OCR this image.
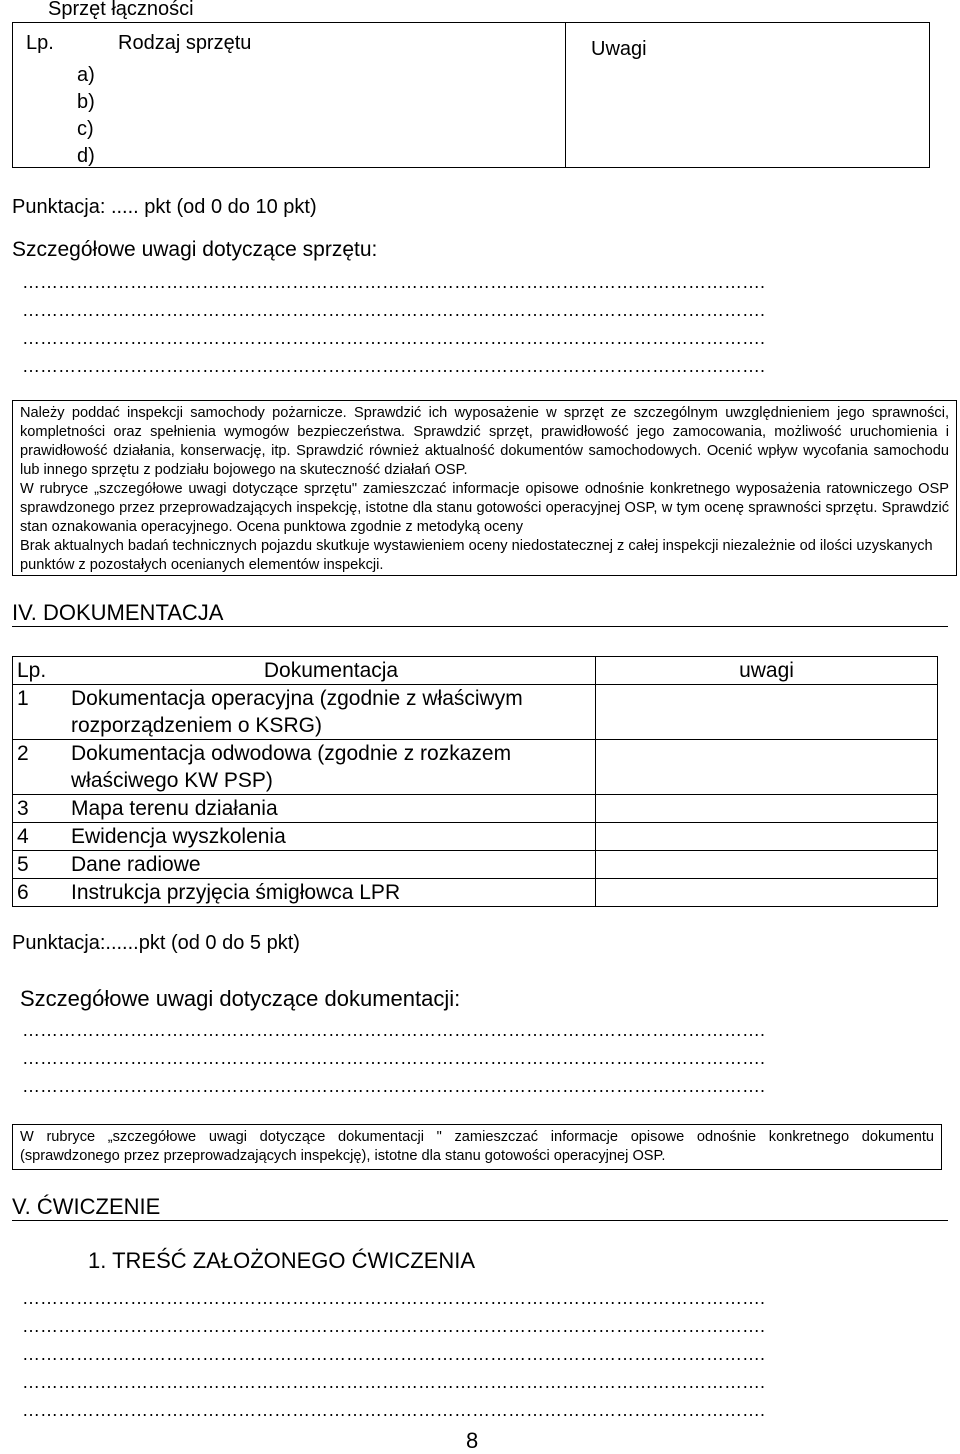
Sprzęt łączności
Lp.	Rodzaj sprzętu	Uwagi
a)
b)
c)
d)
Punktacja: ..... pkt (od 0 do 10 pkt)
Szczegółowe uwagi dotyczące sprzętu:
…………………………………………………………………………………………………………….
…………………………………………………………………………………………………………….
…………………………………………………………………………………………………………….
…………………………………………………………………………………………………………….

Należy poddać inspekcji samochody pożarnicze. Sprawdzić ich wyposażenie w sprzęt ze szczególnym uwzględnieniem jego sprawności, kompletności oraz spełnienia wymogów bezpieczeństwa. Sprawdzić sprzęt, prawidłowość jego zamocowania, możliwość uruchomienia i prawidłowość działania, konserwację, itp. Sprawdzić również aktualność dokumentów samochodowych. Ocenić wpływ wycofania samochodu lub innego sprzętu z podziału bojowego na skuteczność działań OSP.

W rubryce „szczegółowe uwagi dotyczące sprzętu" zamieszczać informacje opisowe odnośnie konkretnego wyposażenia ratowniczego OSP sprawdzonego przez przeprowadzających inspekcję, istotne dla stanu gotowości operacyjnej OSP, w tym ocenę sprawności sprzętu. Sprawdzić stan oznakowania operacyjnego. Ocena punktowa zgodnie z metodyką oceny

Brak aktualnych badań technicznych pojazdu skutkuje wystawieniem oceny niedostatecznej z całej inspekcji niezależnie od ilości uzyskanych punktów z pozostałych ocenianych elementów inspekcji.

IV. DOKUMENTACJA
Lp.	Dokumentacja	uwagi
1	Dokumentacja operacyjna (zgodnie z właściwym
rozporządzeniem o KSRG)	

2	Dokumentacja odwodowa (zgodnie z rozkazem
właściwego KW PSP)	

3	Mapa terenu działania	
4	Ewidencja wyszkolenia	
5	Dane radiowe	
6	Instrukcja przyjęcia śmigłowca LPR	
Punktacja:......pkt (od 0 do 5 pkt)
Szczegółowe uwagi dotyczące dokumentacji:
…………………………………………………………………………………………………………….
…………………………………………………………………………………………………………….
…………………………………………………………………………………………………………….

W rubryce „szczegółowe uwagi dotyczące dokumentacji " zamieszczać informacje opisowe odnośnie konkretnego dokumentu (sprawdzonego przez przeprowadzających inspekcję), istotne dla stanu gotowości operacyjnej OSP.

V. ĆWICZENIE
1. TREŚĆ ZAŁOŻONEGO ĆWICZENIA
…………………………………………………………………………………………………………….
…………………………………………………………………………………………………………….
…………………………………………………………………………………………………………….
…………………………………………………………………………………………………………….
…………………………………………………………………………………………………………….
8
